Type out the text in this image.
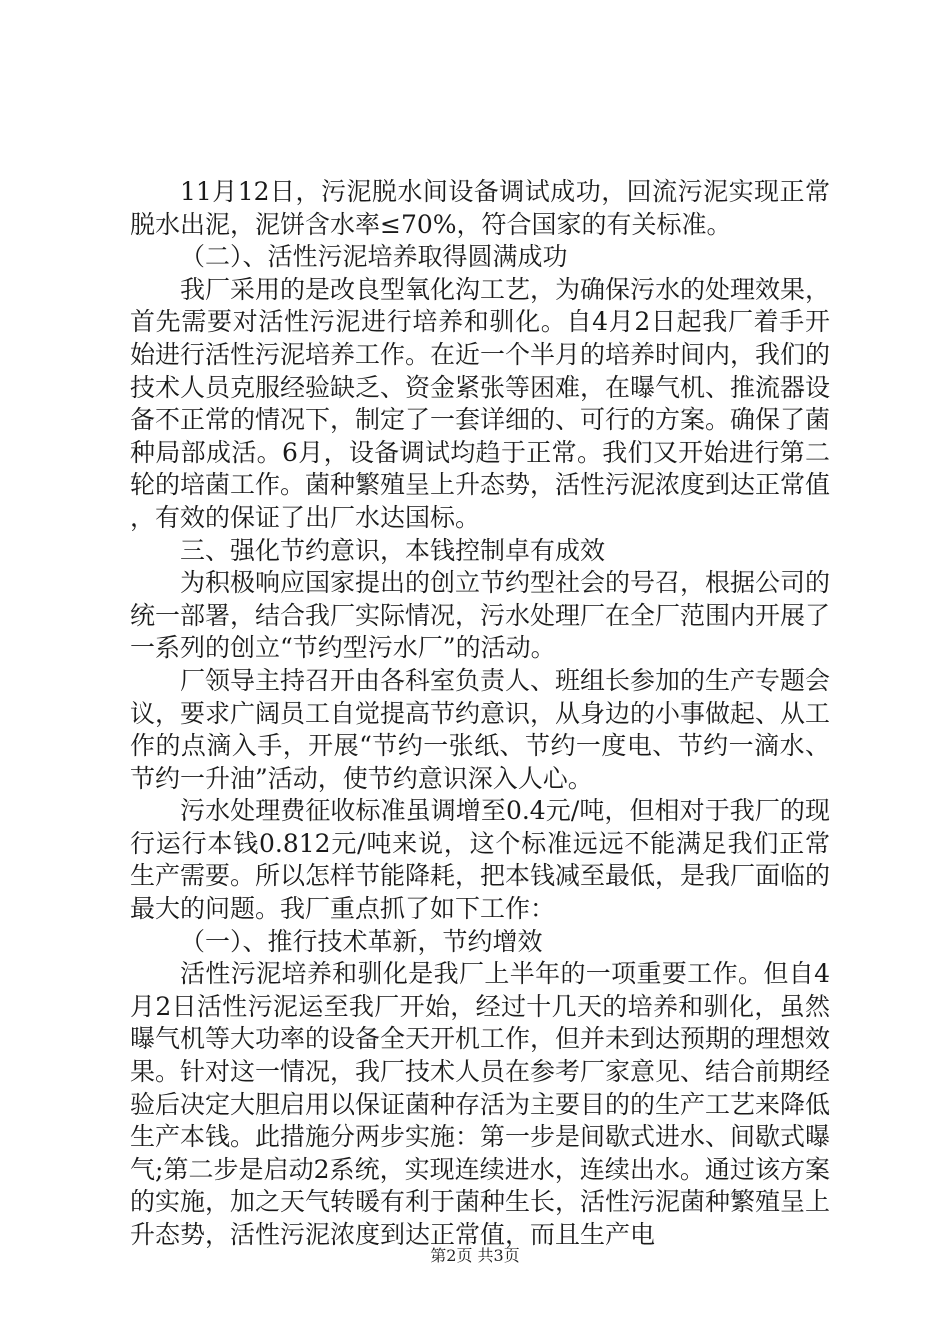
11月12日，污泥脱水间设备调试成功，回流污泥实现正常脱水出泥，泥饼含水率≤70%，符合国家的有关标准。

（二）、活性污泥培养取得圆满成功

我厂采用的是改良型氧化沟工艺，为确保污水的处理效果，首先需要对活性污泥进行培养和驯化。自4月2日起我厂着手开始进行活性污泥培养工作。在近一个半月的培养时间内，我们的技术人员克服经验缺乏、资金紧张等困难，在曝气机、推流器设备不正常的情况下，制定了一套详细的、可行的方案。确保了菌种局部成活。6月，设备调试均趋于正常。我们又开始进行第二轮的培菌工作。菌种繁殖呈上升态势，活性污泥浓度到达正常值，有效的保证了出厂水达国标。

三、强化节约意识，本钱控制卓有成效

为积极响应国家提出的创立节约型社会的号召，根据公司的统一部署，结合我厂实际情况，污水处理厂在全厂范围内开展了一系列的创立“节约型污水厂”的活动。

厂领导主持召开由各科室负责人、班组长参加的生产专题会议，要求广阔员工自觉提高节约意识，从身边的小事做起、从工作的点滴入手，开展“节约一张纸、节约一度电、节约一滴水、节约一升油”活动，使节约意识深入人心。

污水处理费征收标准虽调增至0.4元/吨，但相对于我厂的现行运行本钱0.812元/吨来说，这个标准远远不能满足我们正常生产需要。所以怎样节能降耗，把本钱减至最低，是我厂面临的最大的问题。我厂重点抓了如下工作：

（一）、推行技术革新，节约增效

活性污泥培养和驯化是我厂上半年的一项重要工作。但自4月2日活性污泥运至我厂开始，经过十几天的培养和驯化，虽然曝气机等大功率的设备全天开机工作，但并未到达预期的理想效果。针对这一情况，我厂技术人员在参考厂家意见、结合前期经验后决定大胆启用以保证菌种存活为主要目的的生产工艺来降低生产本钱。此措施分两步实施：第一步是间歇式进水、间歇式曝气;第二步是启动2系统，实现连续进水，连续出水。通过该方案的实施，加之天气转暖有利于菌种生长，活性污泥菌种繁殖呈上升态势，活性污泥浓度到达正常值，而且生产电

第2页 共3页
